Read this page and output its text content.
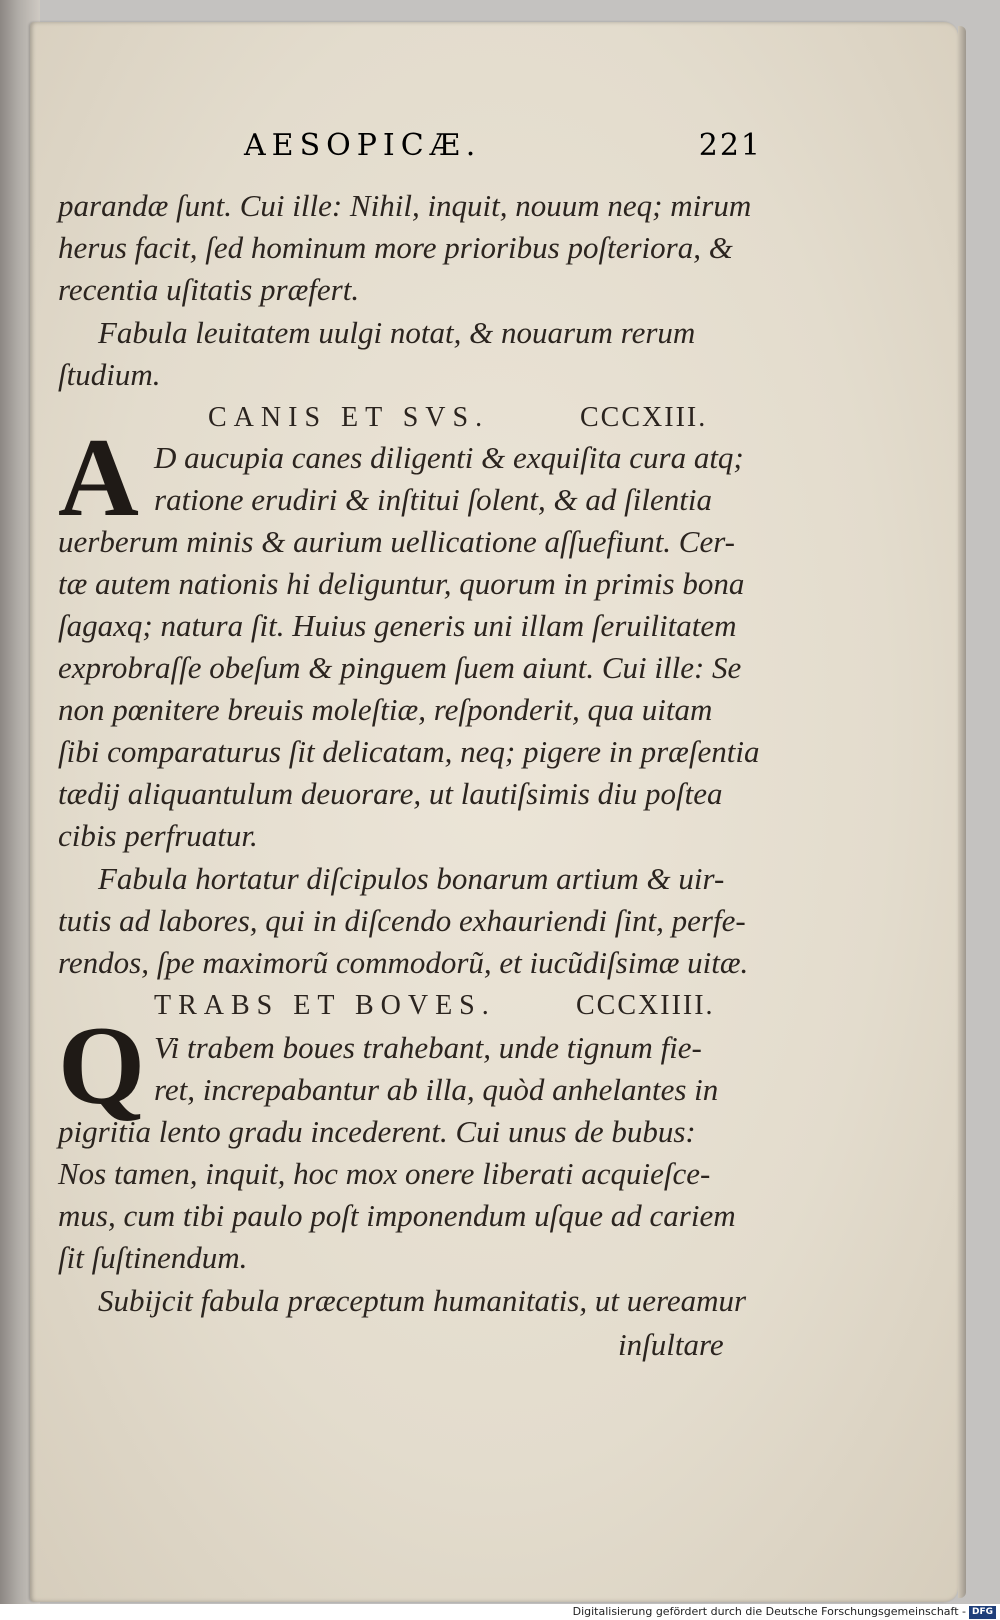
AESOPICÆ.	221
parandæ ſunt. Cui ille: Nihil, inquit, nouum neq; mirum
herus facit, ſed hominum more prioribus poſteriora, &
recentia uſitatis præfert.
Fabula leuitatem uulgi notat, & nouarum rerum
ſtudium.
CANIS ET SVS.	CCCXIII.
A D aucupia canes diligenti & exquiſita cura atq;
ratione erudiri & inſtitui ſolent, & ad ſilentia
uerberum minis & aurium uellicatione aſſuefiunt. Cer-
tæ autem nationis hi deliguntur, quorum in primis bona
ſagaxq; natura ſit. Huius generis uni illam ſeruilitatem
exprobraſſe obeſum & pinguem ſuem aiunt. Cui ille: Se
non pœnitere breuis moleſtiæ, reſponderit, qua uitam
ſibi comparaturus ſit delicatam, neq; pigere in præſentia
tædij aliquantulum deuorare, ut lautiſsimis diu poſtea
cibis perfruatur.
Fabula hortatur diſcipulos bonarum artium & uir-
tutis ad labores, qui in diſcendo exhauriendi ſint, perfe-
rendos, ſpe maximorũ commodorũ, et iucũdiſsimæ uitæ.
TRABS ET BOVES.	CCCXIIII.
Q Vi trabem boues trahebant, unde tignum fie-
ret, increpabantur ab illa, quòd anhelantes in
pigritia lento gradu incederent. Cui unus de bubus:
Nos tamen, inquit, hoc mox onere liberati acquieſce-
mus, cum tibi paulo poſt imponendum uſque ad cariem
ſit ſuſtinendum.
Subijcit fabula præceptum humanitatis, ut uereamur
inſultare
Digitalisierung gefördert durch die Deutsche Forschungsgemeinschaft - DFG
